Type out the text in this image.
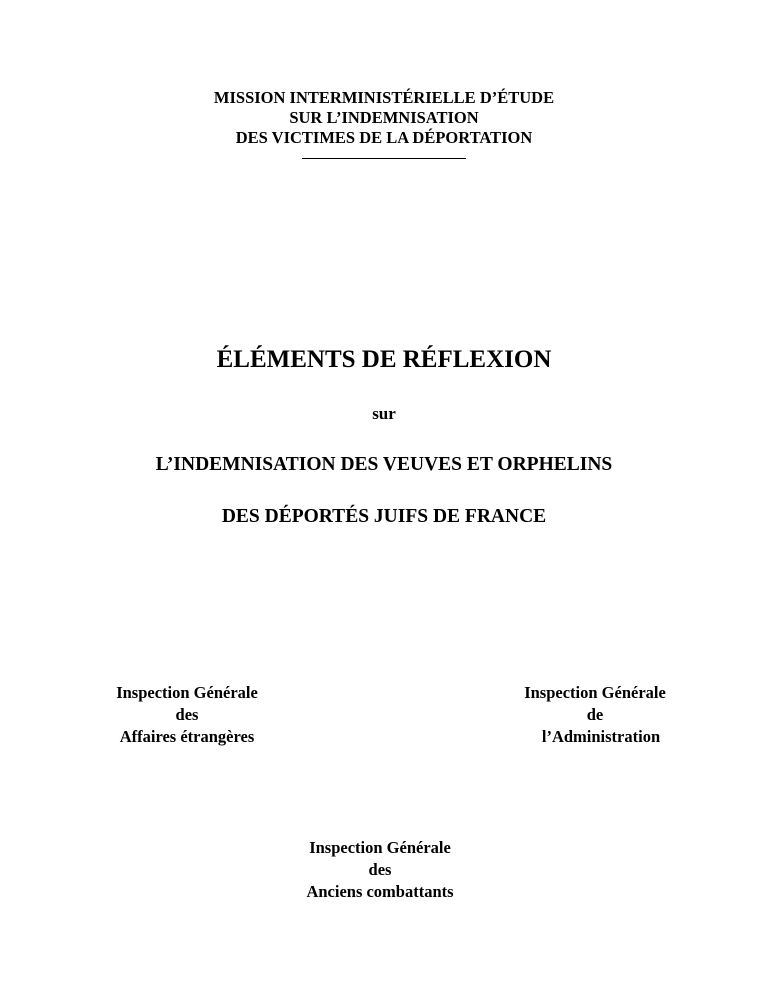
MISSION INTERMINISTÉRIELLE D’ÉTUDE
SUR L’INDEMNISATION
DES VICTIMES DE LA DÉPORTATION
ÉLÉMENTS DE RÉFLEXION
sur
L’INDEMNISATION DES VEUVES ET ORPHELINS
DES DÉPORTÉS JUIFS DE FRANCE
Inspection Générale
des
Affaires étrangères
Inspection Générale
de
l’Administration
Inspection Générale
des
Anciens combattants
